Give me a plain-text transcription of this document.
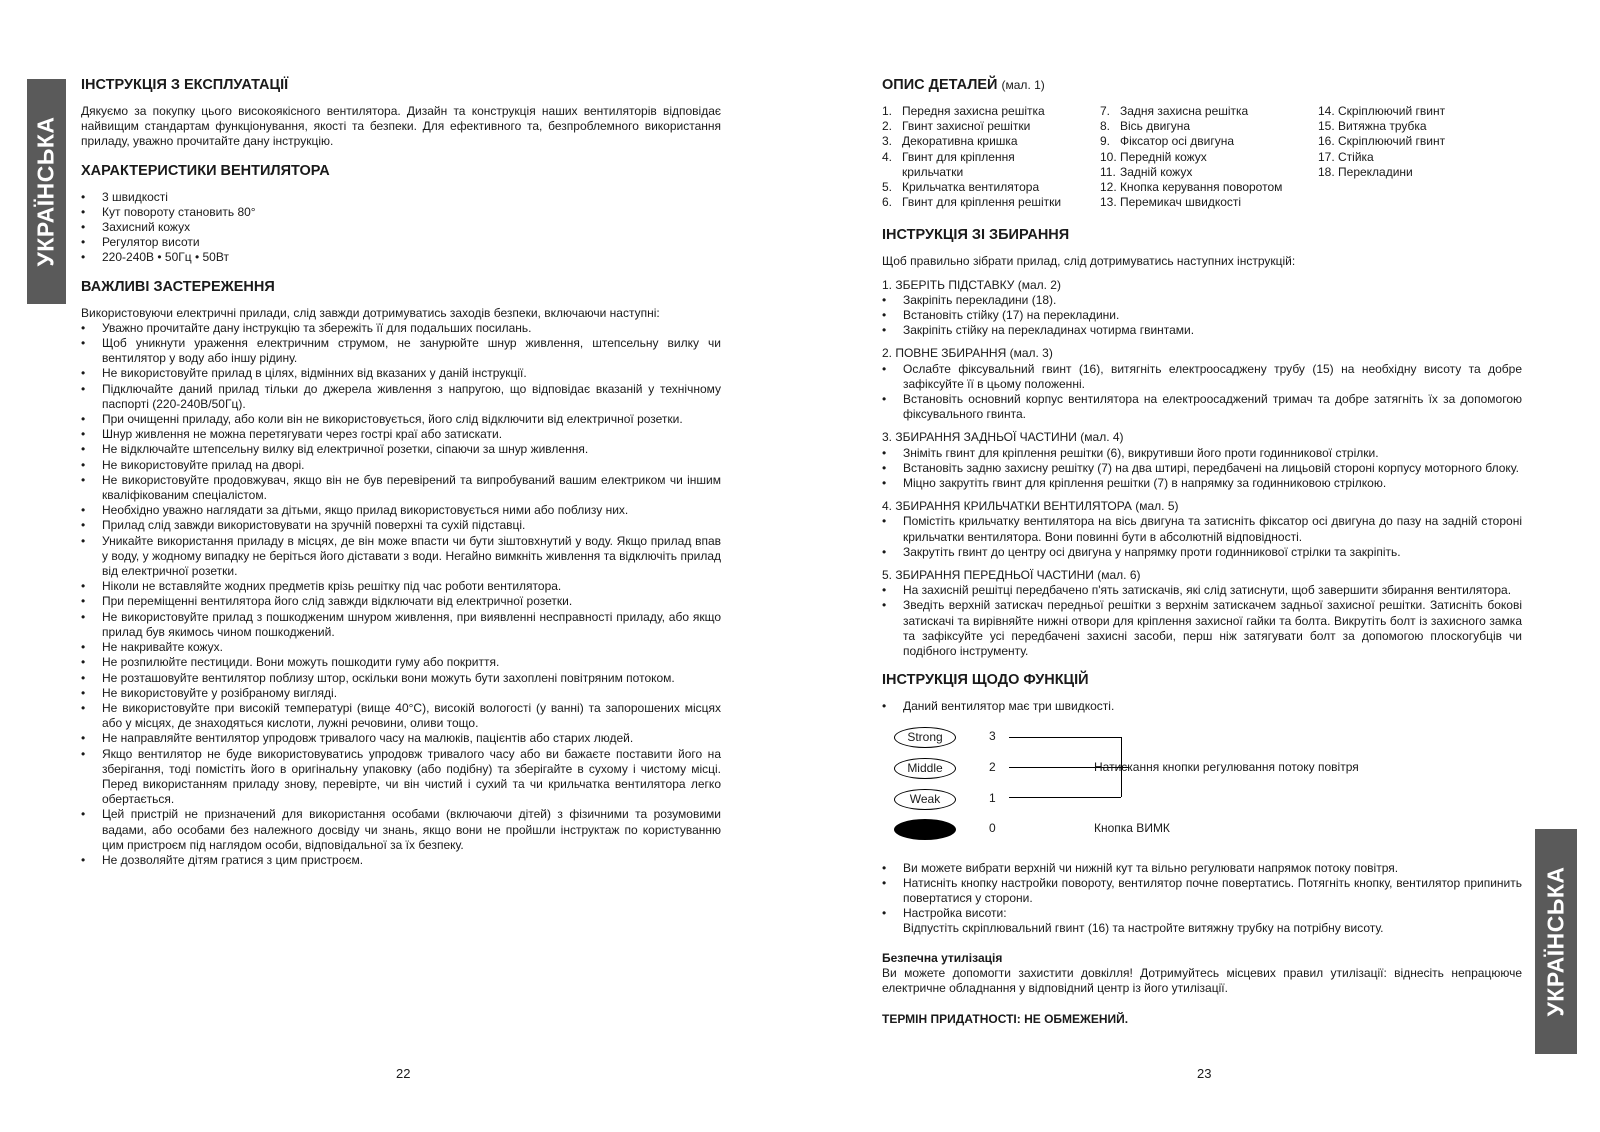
УКРАЇНСЬКА
УКРАЇНСЬКА
ІНСТРУКЦІЯ З ЕКСПЛУАТАЦІЇ

Дякуємо за покупку цього високоякісного вентилятора. Дизайн та конструкція наших вентиляторів відповідає найвищим стандартам функціонування, якості та безпеки. Для ефективного та, безпроблемного використання приладу, уважно прочитайте дану інструкцію.

ХАРАКТЕРИСТИКИ ВЕНТИЛЯТОРА
• 3 швидкості
• Кут повороту становить 80°
• Захисний кожух
• Регулятор висоти
• 220-240В • 50Гц • 50Вт
ВАЖЛИВІ ЗАСТЕРЕЖЕННЯ

Використовуючи електричні прилади, слід завжди дотримуватись заходів безпеки, включаючи наступні:

• Уважно прочитайте дану інструкцію та збережіть її для подальших посилань.
• Щоб уникнути ураження електричним струмом, не занурюйте шнур живлення, штепсельну вилку чи вентилятор у воду або іншу рідину.
• Не використовуйте прилад в цілях, відмінних від вказаних у даній інструкції.
• Підключайте даний прилад тільки до джерела живлення з напругою, що відповідає вказаній у технічному паспорті (220-240В/50Гц).
• При очищенні приладу, або коли він не використовується, його слід відключити від електричної розетки.
• Шнур живлення не можна перетягувати через гострі краї або затискати.
• Не відключайте штепсельну вилку від електричної розетки, сіпаючи за шнур живлення.
• Не використовуйте прилад на дворі.
• Не використовуйте продовжувач, якщо він не був перевірений та випробуваний вашим електриком чи іншим кваліфікованим спеціалістом.
• Необхідно уважно наглядати за дітьми, якщо прилад використовується ними або поблизу них.
• Прилад слід завжди використовувати на зручній поверхні та сухій підставці.
• Уникайте використання приладу в місцях, де він може впасти чи бути зіштовхнутий у воду. Якщо прилад впав у воду, у жодному випадку не беріться його діставати з води. Негайно вимкніть живлення та відключіть прилад від електричної розетки.
• Ніколи не вставляйте жодних предметів крізь решітку під час роботи вентилятора.
• При переміщенні вентилятора його слід завжди відключати від електричної розетки.
• Не використовуйте прилад з пошкодженим шнуром живлення, при виявленні несправності приладу, або якщо прилад був якимось чином пошкоджений.
• Не накривайте кожух.
• Не розпилюйте пестициди. Вони можуть пошкодити гуму або покриття.
• Не розташовуйте вентилятор поблизу штор, оскільки вони можуть бути захоплені повітряним потоком.
• Не використовуйте у розібраному вигляді.
• Не використовуйте при високій температурі (вище 40°С), високій вологості (у ванні) та запорошених місцях або у місцях, де знаходяться кислоти, лужні речовини, оливи тощо.
• Не направляйте вентилятор упродовж тривалого часу на малюків, пацієнтів або старих людей.
• Якщо вентилятор не буде використовуватись упродовж тривалого часу або ви бажаєте поставити його на зберігання, тоді помістіть його в оригінальну упаковку (або подібну) та зберігайте в сухому і чистому місці. Перед використанням приладу знову, перевірте, чи він чистий і сухий та чи крильчатка вентилятора легко обертається.
• Цей пристрій не призначений для використання особами (включаючи дітей) з фізичними та розумовими вадами, або особами без належного досвіду чи знань, якщо вони не пройшли інструктаж по користуванню цим пристроєм під наглядом особи, відповідальної за їх безпеку.
• Не дозволяйте дітям гратися з цим пристроєм.
22
ОПИС ДЕТАЛЕЙ (мал. 1)
1. Передня захисна решітка
2. Гвинт захисної решітки
3. Декоративна кришка
4. Гвинт для кріплення крильчатки
5. Крильчатка вентилятора
6. Гвинт для кріплення решітки
7. Задня захисна решітка
8. Вісь двигуна
9. Фіксатор осі двигуна
10. Передній кожух
11. Задній кожух
12. Кнопка керування поворотом
13. Перемикач швидкості
14. Скріплюючий гвинт
15. Витяжна трубка
16. Скріплюючий гвинт
17. Стійка
18. Перекладини
ІНСТРУКЦІЯ ЗІ ЗБИРАННЯ

Щоб правильно зібрати прилад, слід дотримуватись наступних інструкцій:

1. ЗБЕРІТЬ ПІДСТАВКУ (мал. 2)
• Закріпіть перекладини (18).
• Встановіть стійку (17) на перекладини.
• Закріпіть стійку на перекладинах чотирма гвинтами.
2. ПОВНЕ ЗБИРАННЯ (мал. 3)
• Ослабте фіксувальний гвинт (16), витягніть електроосаджену трубу (15) на необхідну висоту та добре зафіксуйте її в цьому положенні.
• Встановіть основний корпус вентилятора на електроосаджений тримач та добре затягніть їх за допомогою фіксувального гвинта.
3. ЗБИРАННЯ ЗАДНЬОЇ ЧАСТИНИ (мал. 4)
• Зніміть гвинт для кріплення решітки (6), викрутивши його проти годинникової стрілки.
• Встановіть задню захисну решітку (7) на два штирі, передбачені на лицьовій стороні корпусу моторного блоку.
• Міцно закрутіть гвинт для кріплення решітки (7) в напрямку за годинниковою стрілкою.
4. ЗБИРАННЯ КРИЛЬЧАТКИ ВЕНТИЛЯТОРА (мал. 5)
• Помістіть крильчатку вентилятора на вісь двигуна та затисніть фіксатор осі двигуна до пазу на задній стороні крильчатки вентилятора. Вони повинні бути в абсолютній відповідності.
• Закрутіть гвинт до центру осі двигуна у напрямку проти годинникової стрілки та закріпіть.
5. ЗБИРАННЯ ПЕРЕДНЬОЇ ЧАСТИНИ (мал. 6)
• На захисній решітці передбачено п'ять затискачів, які слід затиснути, щоб завершити збирання вентилятора.
• Зведіть верхній затискач передньої решітки з верхнім затискачем задньої захисної решітки. Затисніть бокові затискачі та вирівняйте нижні отвори для кріплення захисної гайки та болта. Викрутіть болт із захисного замка та зафіксуйте усі передбачені захисні засоби, перш ніж затягувати болт за допомогою плоскогубців чи подібного інструменту.
ІНСТРУКЦІЯ ЩОДО ФУНКЦІЙ
• Даний вентилятор має три швидкості.
Strong
Middle
Weak
3
2
1
0
Натискання кнопки регулювання потоку повітря
Кнопка ВИМК
• Ви можете вибрати верхній чи нижній кут та вільно регулювати напрямок потоку повітря.
• Натисніть кнопку настройки повороту, вентилятор почне повертатись. Потягніть кнопку, вентилятор припинить повертатися у сторони.
• Настройка висоти:

Відпустіть скріплювальний гвинт (16) та настройте витяжну трубку на потрібну висоту.

Безпечна утилізація

Ви можете допомогти захистити довкілля! Дотримуйтесь місцевих правил утилізації: віднесіть непрацююче електричне обладнання у відповідний центр із його утилізації.

ТЕРМІН ПРИДАТНОСТІ: НЕ ОБМЕЖЕНИЙ.

23
